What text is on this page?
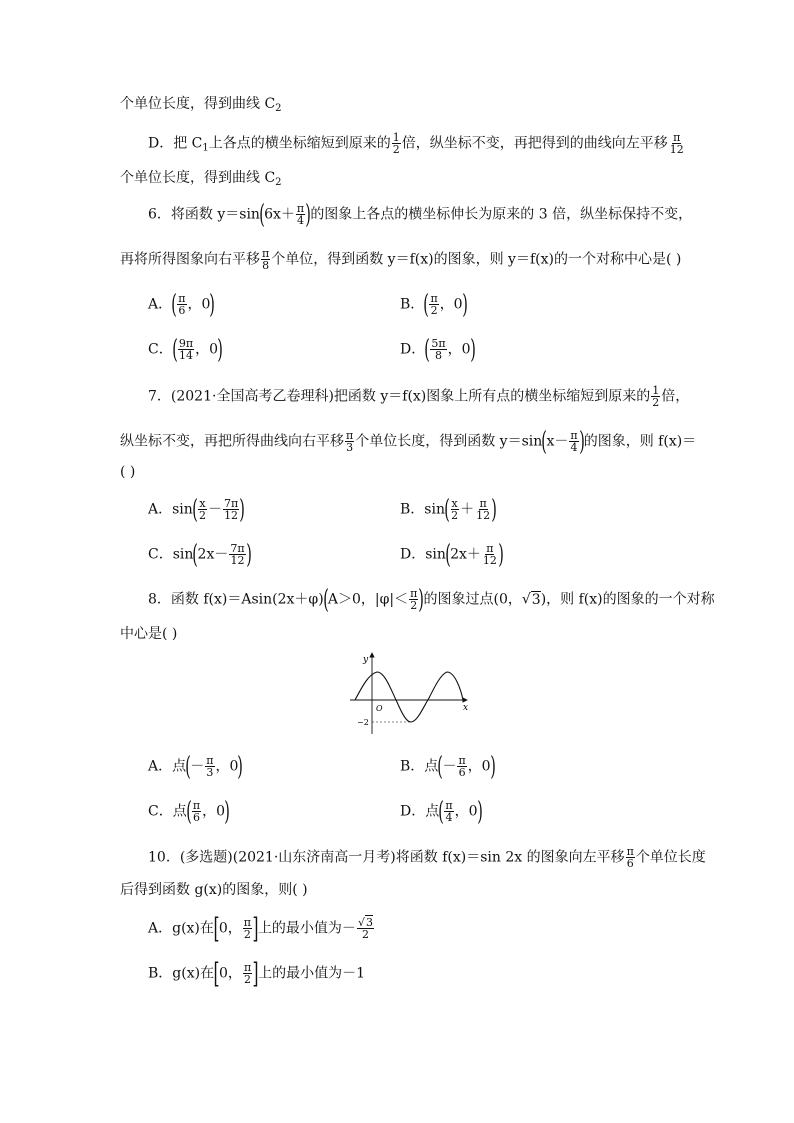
个单位长度，得到曲线 $C_2$
D．把 $C_1$上各点的横坐标缩短到原来的 $\frac{1}{2}$ 倍，纵坐标不变，再把得到的曲线向左平移 $\frac{\pi}{12}$
个单位长度，得到曲线 $C_2$
6．将函数 $y=\sin(6x+ \frac{\pi}{4}$ )的图象上各点的横坐标伸长为原来的 3 倍，纵坐标保持不变，
再将所得图象向右平移 $\frac{\pi}{8}$ 个单位，得到函数 y＝f(x)的图象，则 y＝f(x)的一个对称中心是( )
A．( $\frac{\pi}{6}$ ，0)	B．( $\frac{\pi}{2}$ ，0)
C．( $\frac{9\pi}{14}$ ，0)	D．( $\frac{5\pi}{8}$ ，0)
7．(2021·全国高考乙卷理科)把函数 y＝f(x)图象上所有点的横坐标缩短到原来的 $\frac{1}{2}$ 倍，
纵坐标不变，再把所得曲线向右平移 $\frac{\pi}{3}$ 个单位长度，得到函数 $y=\sin(x- \frac{\pi}{4}$ )的图象，则 f(x)＝
( )
A．$\sin( \frac{x}{2} - \frac{7\pi}{12}$ )	B．$\sin( \frac{x}{2} + \frac{\pi}{12}$ )
C．$\sin(2x- \frac{7\pi}{12}$ )	D．$\sin(2x+ \frac{\pi}{12}$ )
8．函数 f(x)＝Asin(2x＋φ)(A＞0，$|\varphi|< \frac{\pi}{2}$ )的图象过点(0，√3)，则 f(x)的图象的一个对称
中心是( )
y
x
O
−2
A．点(－ $\frac{\pi}{3}$ ，0)	B．点(－ $\frac{\pi}{6}$ ，0)
C．点( $\frac{\pi}{6}$ ，0)	D．点( $\frac{\pi}{4}$ ，0)
10．(多选题)(2021·山东济南高一月考)将函数 f(x)＝sin 2x 的图象向左平移 $\frac{\pi}{6}$ 个单位长度
后得到函数 g(x)的图象，则( )
A．g(x)在[0， $\frac{\pi}{2}$ ]上的最小值为－ $\frac{√3}{2}$
B．g(x)在[0， $\frac{\pi}{2}$ ]上的最小值为－1
